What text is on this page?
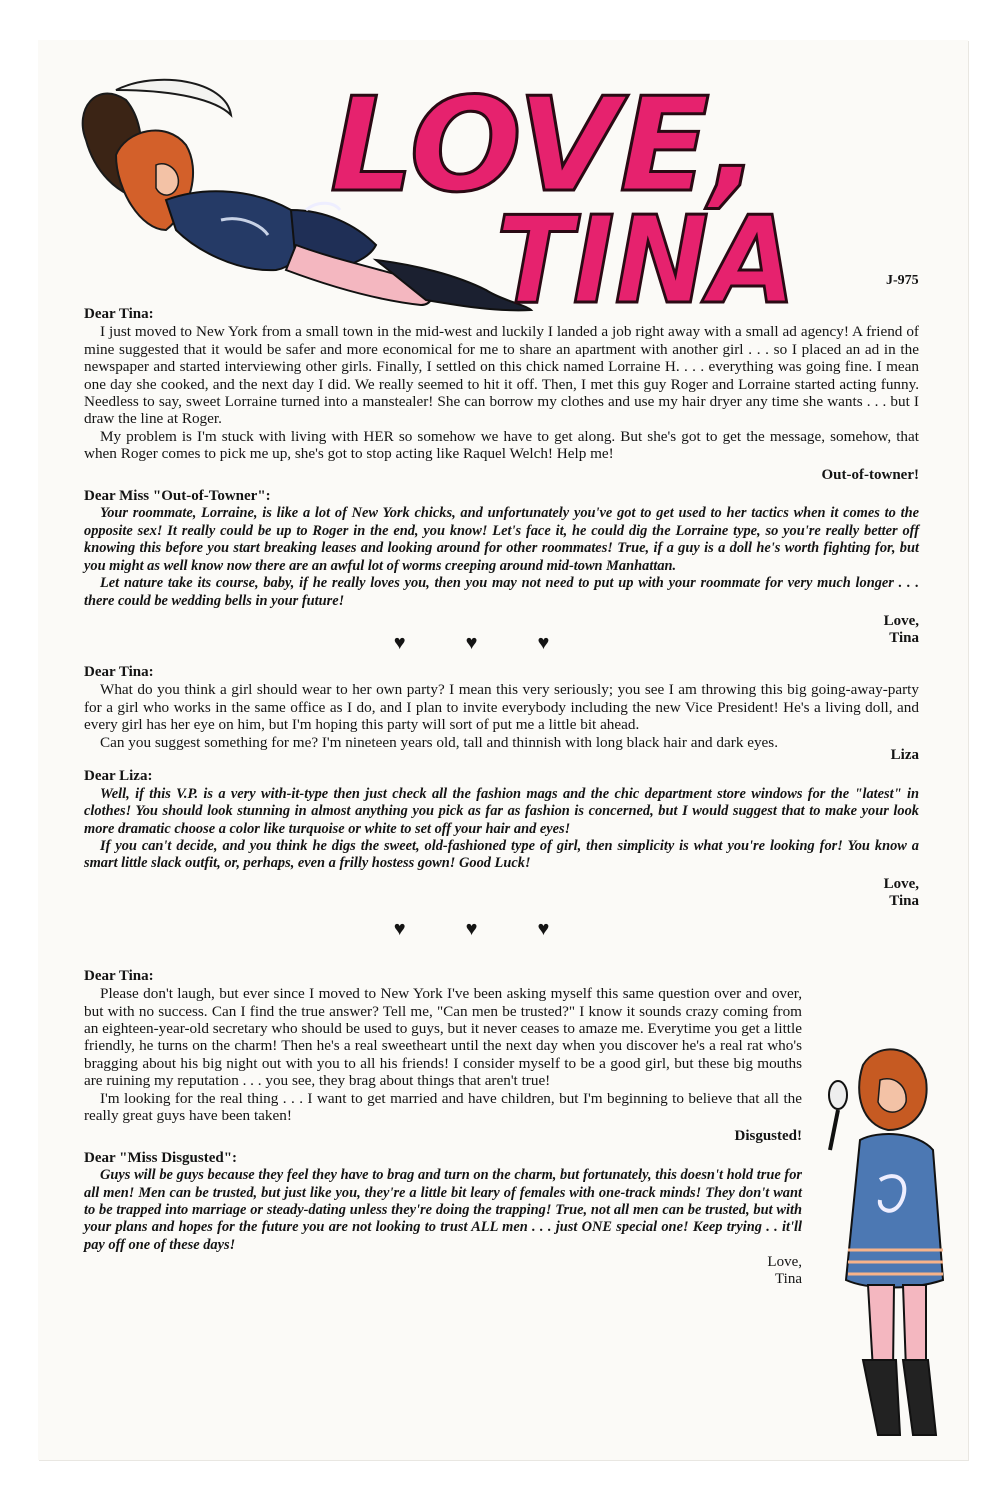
LOVE,
TINA	J-975
Dear Tina:

I just moved to New York from a small town in the mid-west and luckily I landed a job right away with a small ad agency! A friend of mine suggested that it would be safer and more economical for me to share an apartment with another girl . . . so I placed an ad in the newspaper and started interviewing other girls. Finally, I settled on this chick named Lorraine H. . . . everything was going fine. I mean one day she cooked, and the next day I did. We really seemed to hit it off. Then, I met this guy Roger and Lorraine started acting funny. Needless to say, sweet Lorraine turned into a manstealer! She can borrow my clothes and use my hair dryer any time she wants . . . but I draw the line at Roger.

My problem is I'm stuck with living with HER so somehow we have to get along. But she's got to get the message, somehow, that when Roger comes to pick me up, she's got to stop acting like Raquel Welch! Help me!

Out-of-towner!
Dear Miss "Out-of-Towner":

Your roommate, Lorraine, is like a lot of New York chicks, and unfortunately you've got to get used to her tactics when it comes to the opposite sex! It really could be up to Roger in the end, you know! Let's face it, he could dig the Lorraine type, so you're really better off knowing this before you start breaking leases and looking around for other roommates! True, if a guy is a doll he's worth fighting for, but you might as well know now there are an awful lot of worms creeping around mid-town Manhattan.

Let nature take its course, baby, if he really loves you, then you may not need to put up with your roommate for very much longer . . . there could be wedding bells in your future!

Love,
Tina
♥♥♥
Dear Tina:

What do you think a girl should wear to her own party? I mean this very seriously; you see I am throwing this big going-away-party for a girl who works in the same office as I do, and I plan to invite everybody including the new Vice President! He's a living doll, and every girl has her eye on him, but I'm hoping this party will sort of put me a little bit ahead.

Can you suggest something for me? I'm nineteen years old, tall and thinnish with long black hair and dark eyes.

Liza
Dear Liza:

Well, if this V.P. is a very with-it-type then just check all the fashion mags and the chic department store windows for the "latest" in clothes! You should look stunning in almost anything you pick as far as fashion is concerned, but I would suggest that to make your look more dramatic choose a color like turquoise or white to set off your hair and eyes!

If you can't decide, and you think he digs the sweet, old-fashioned type of girl, then simplicity is what you're looking for! You know a smart little slack outfit, or, perhaps, even a frilly hostess gown! Good Luck!

Love,
Tina
♥♥♥
Dear Tina:

Please don't laugh, but ever since I moved to New York I've been asking myself this same question over and over, but with no success. Can I find the true answer? Tell me, "Can men be trusted?" I know it sounds crazy coming from an eighteen-year-old secretary who should be used to guys, but it never ceases to amaze me. Everytime you get a little friendly, he turns on the charm! Then he's a real sweetheart until the next day when you discover he's a real rat who's bragging about his big night out with you to all his friends! I consider myself to be a good girl, but these big mouths are ruining my reputation . . . you see, they brag about things that aren't true!

I'm looking for the real thing . . . I want to get married and have children, but I'm beginning to believe that all the really great guys have been taken!

Disgusted!
Dear "Miss Disgusted":

Guys will be guys because they feel they have to brag and turn on the charm, but fortunately, this doesn't hold true for all men! Men can be trusted, but just like you, they're a little bit leary of females with one-track minds! They don't want to be trapped into marriage or steady-dating unless they're doing the trapping! True, not all men can be trusted, but with your plans and hopes for the future you are not looking to trust ALL men . . . just ONE special one! Keep trying . . it'll pay off one of these days!

Love,
Tina
